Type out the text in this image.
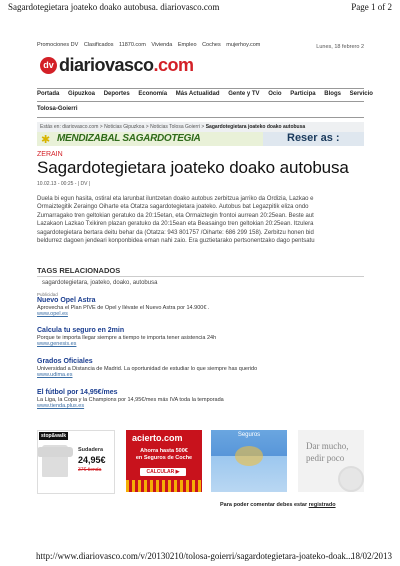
Sagardotegietara joateko doako autobusa. diariovasco.com	Page 1 of 2
Promociones DV Clasificados 11870.com Vivienda Empleo Coches mujerhoy.com	Lunes, 18 febrero 2
dv diariovasco.com
Portada Gipuzkoa Deportes Economía Más Actualidad Gente y TV Ocio Participa Blogs Servicio
Tolosa-Goierri
Estás en: diariovasco.com > Noticias Gipuzkoa > Noticias Tolosa Goierri > Sagardotegietara joateko doako autobusa
✱ MENDIZABAL SAGARDOTEGIA	Reser as :
ZERAIN
Sagardotegietara joateko doako autobusa
10.02.13 - 00:25 - | DV |
Duela bi egun hasita, ostiral eta larunbat iluntzetan doako autobus zerbitzua jarriko da Ordizia, Lazkao e
Ormaiztegitik Zeraingo Oiharte eta Otatza sagardotegietara joateko. Autobus bat Legazpitik eliza ondo
Zumarragako tren geltokian geratuko da 20:15etan, eta Ormaiztegin frontoi aurrean 20:25ean. Beste aut
Lazakaon Lazkao Txikiren plazan geratuko da 20:15ean eta Beasaingo tren geltokian 20:25ean. Itzulera
sagardotegietara bertara deitu behar da (Otatza: 943 801757 /Oiharte: 686 299 158). Zerbitzu honen bid
beldurrez dagoen jendeari konponbidea eman nahi zaio. Era guztietarako pertsonentzako dago pentsatu
TAGS RELACIONADOS
sagardotegietara, joateko, doako, autobusa
Publicidad
Nuevo Opel Astra
Aprovecha el Plan PIVE de Opel y llévate el Nuevo Astra por 14.900€ .
www.opel.es
Calcula tu seguro en 2min
Porque te importa llegar siempre a tiempo te importa tener asistencia 24h
www.genesis.es
Grados Oficiales
Universidad a Distancia de Madrid. La oportunidad de estudiar lo que siempre has querido
www.udima.es
El fútbol por 14,95€/mes
La Liga, la Copa y la Champions por 14,95€/mes más IVA toda la temporada
www.tienda.plus.es
stop&walk
Sudadera
24,95€
37€ tienda
acierto.com
Ahorra hasta 500€
en Seguros de Coche
CALCULAR ▶
Seguros
Dar mucho,
pedir poco
Para poder comentar debes estar registrado
http://www.diariovasco.com/v/20130210/tolosa-goierri/sagardotegietara-joateko-doak...
18/02/2013
